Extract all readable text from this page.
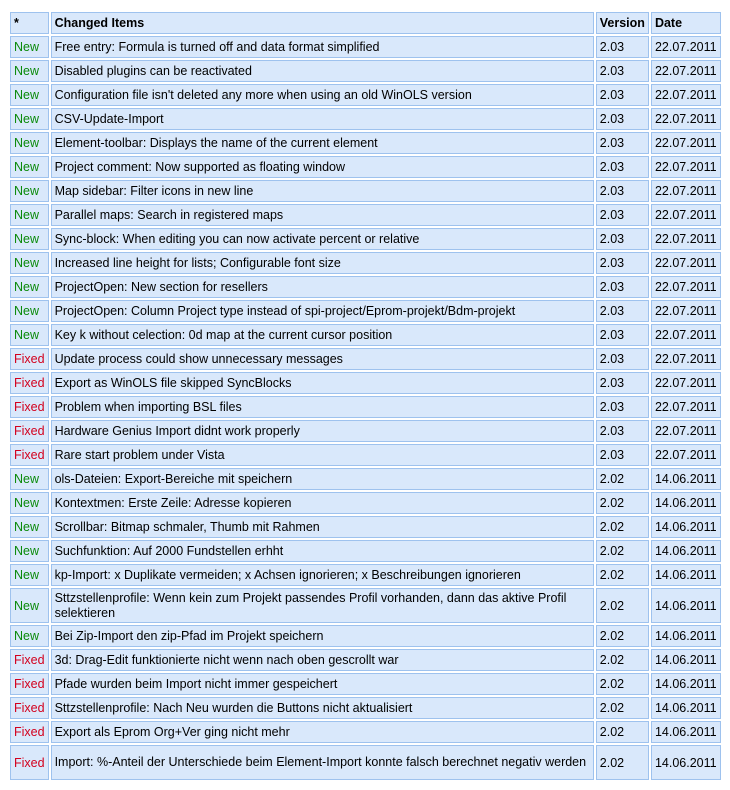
*	Changed Items	Version	Date
New	Free entry: Formula is turned off and data format simplified	2.03	22.07.2011
New	Disabled plugins can be reactivated	2.03	22.07.2011
New	Configuration file isn't deleted any more when using an old WinOLS version	2.03	22.07.2011
New	CSV-Update-Import	2.03	22.07.2011
New	Element-toolbar: Displays the name of the current element	2.03	22.07.2011
New	Project comment: Now supported as floating window	2.03	22.07.2011
New	Map sidebar: Filter icons in new line	2.03	22.07.2011
New	Parallel maps: Search in registered maps	2.03	22.07.2011
New	Sync-block: When editing you can now activate percent or relative	2.03	22.07.2011
New	Increased line height for lists; Configurable font size	2.03	22.07.2011
New	ProjectOpen: New section for resellers	2.03	22.07.2011
New	ProjectOpen: Column Project type instead of spi-project/Eprom-projekt/Bdm-projekt	2.03	22.07.2011
New	Key k without celection: 0d map at the current cursor position	2.03	22.07.2011
Fixed	Update process could show unnecessary messages	2.03	22.07.2011
Fixed	Export as WinOLS file skipped SyncBlocks	2.03	22.07.2011
Fixed	Problem when importing BSL files	2.03	22.07.2011
Fixed	Hardware Genius Import didnt work properly	2.03	22.07.2011
Fixed	Rare start problem under Vista	2.03	22.07.2011
New	ols-Dateien: Export-Bereiche mit speichern	2.02	14.06.2011
New	Kontextmen: Erste Zeile: Adresse kopieren	2.02	14.06.2011
New	Scrollbar: Bitmap schmaler, Thumb mit Rahmen	2.02	14.06.2011
New	Suchfunktion: Auf 2000 Fundstellen erhht	2.02	14.06.2011
New	kp-Import: x Duplikate vermeiden; x Achsen ignorieren; x Beschreibungen ignorieren	2.02	14.06.2011
New	Sttzstellenprofile: Wenn kein zum Projekt passendes Profil vorhanden, dann das aktive Profil selektieren	2.02	14.06.2011
New	Bei Zip-Import den zip-Pfad im Projekt speichern	2.02	14.06.2011
Fixed	3d: Drag-Edit funktionierte nicht wenn nach oben gescrollt war	2.02	14.06.2011
Fixed	Pfade wurden beim Import nicht immer gespeichert	2.02	14.06.2011
Fixed	Sttzstellenprofile: Nach Neu wurden die Buttons nicht aktualisiert	2.02	14.06.2011
Fixed	Export als Eprom Org+Ver ging nicht mehr	2.02	14.06.2011
Fixed	Import: %-Anteil der Unterschiede beim Element-Import konnte falsch berechnet negativ werden	2.02	14.06.2011
